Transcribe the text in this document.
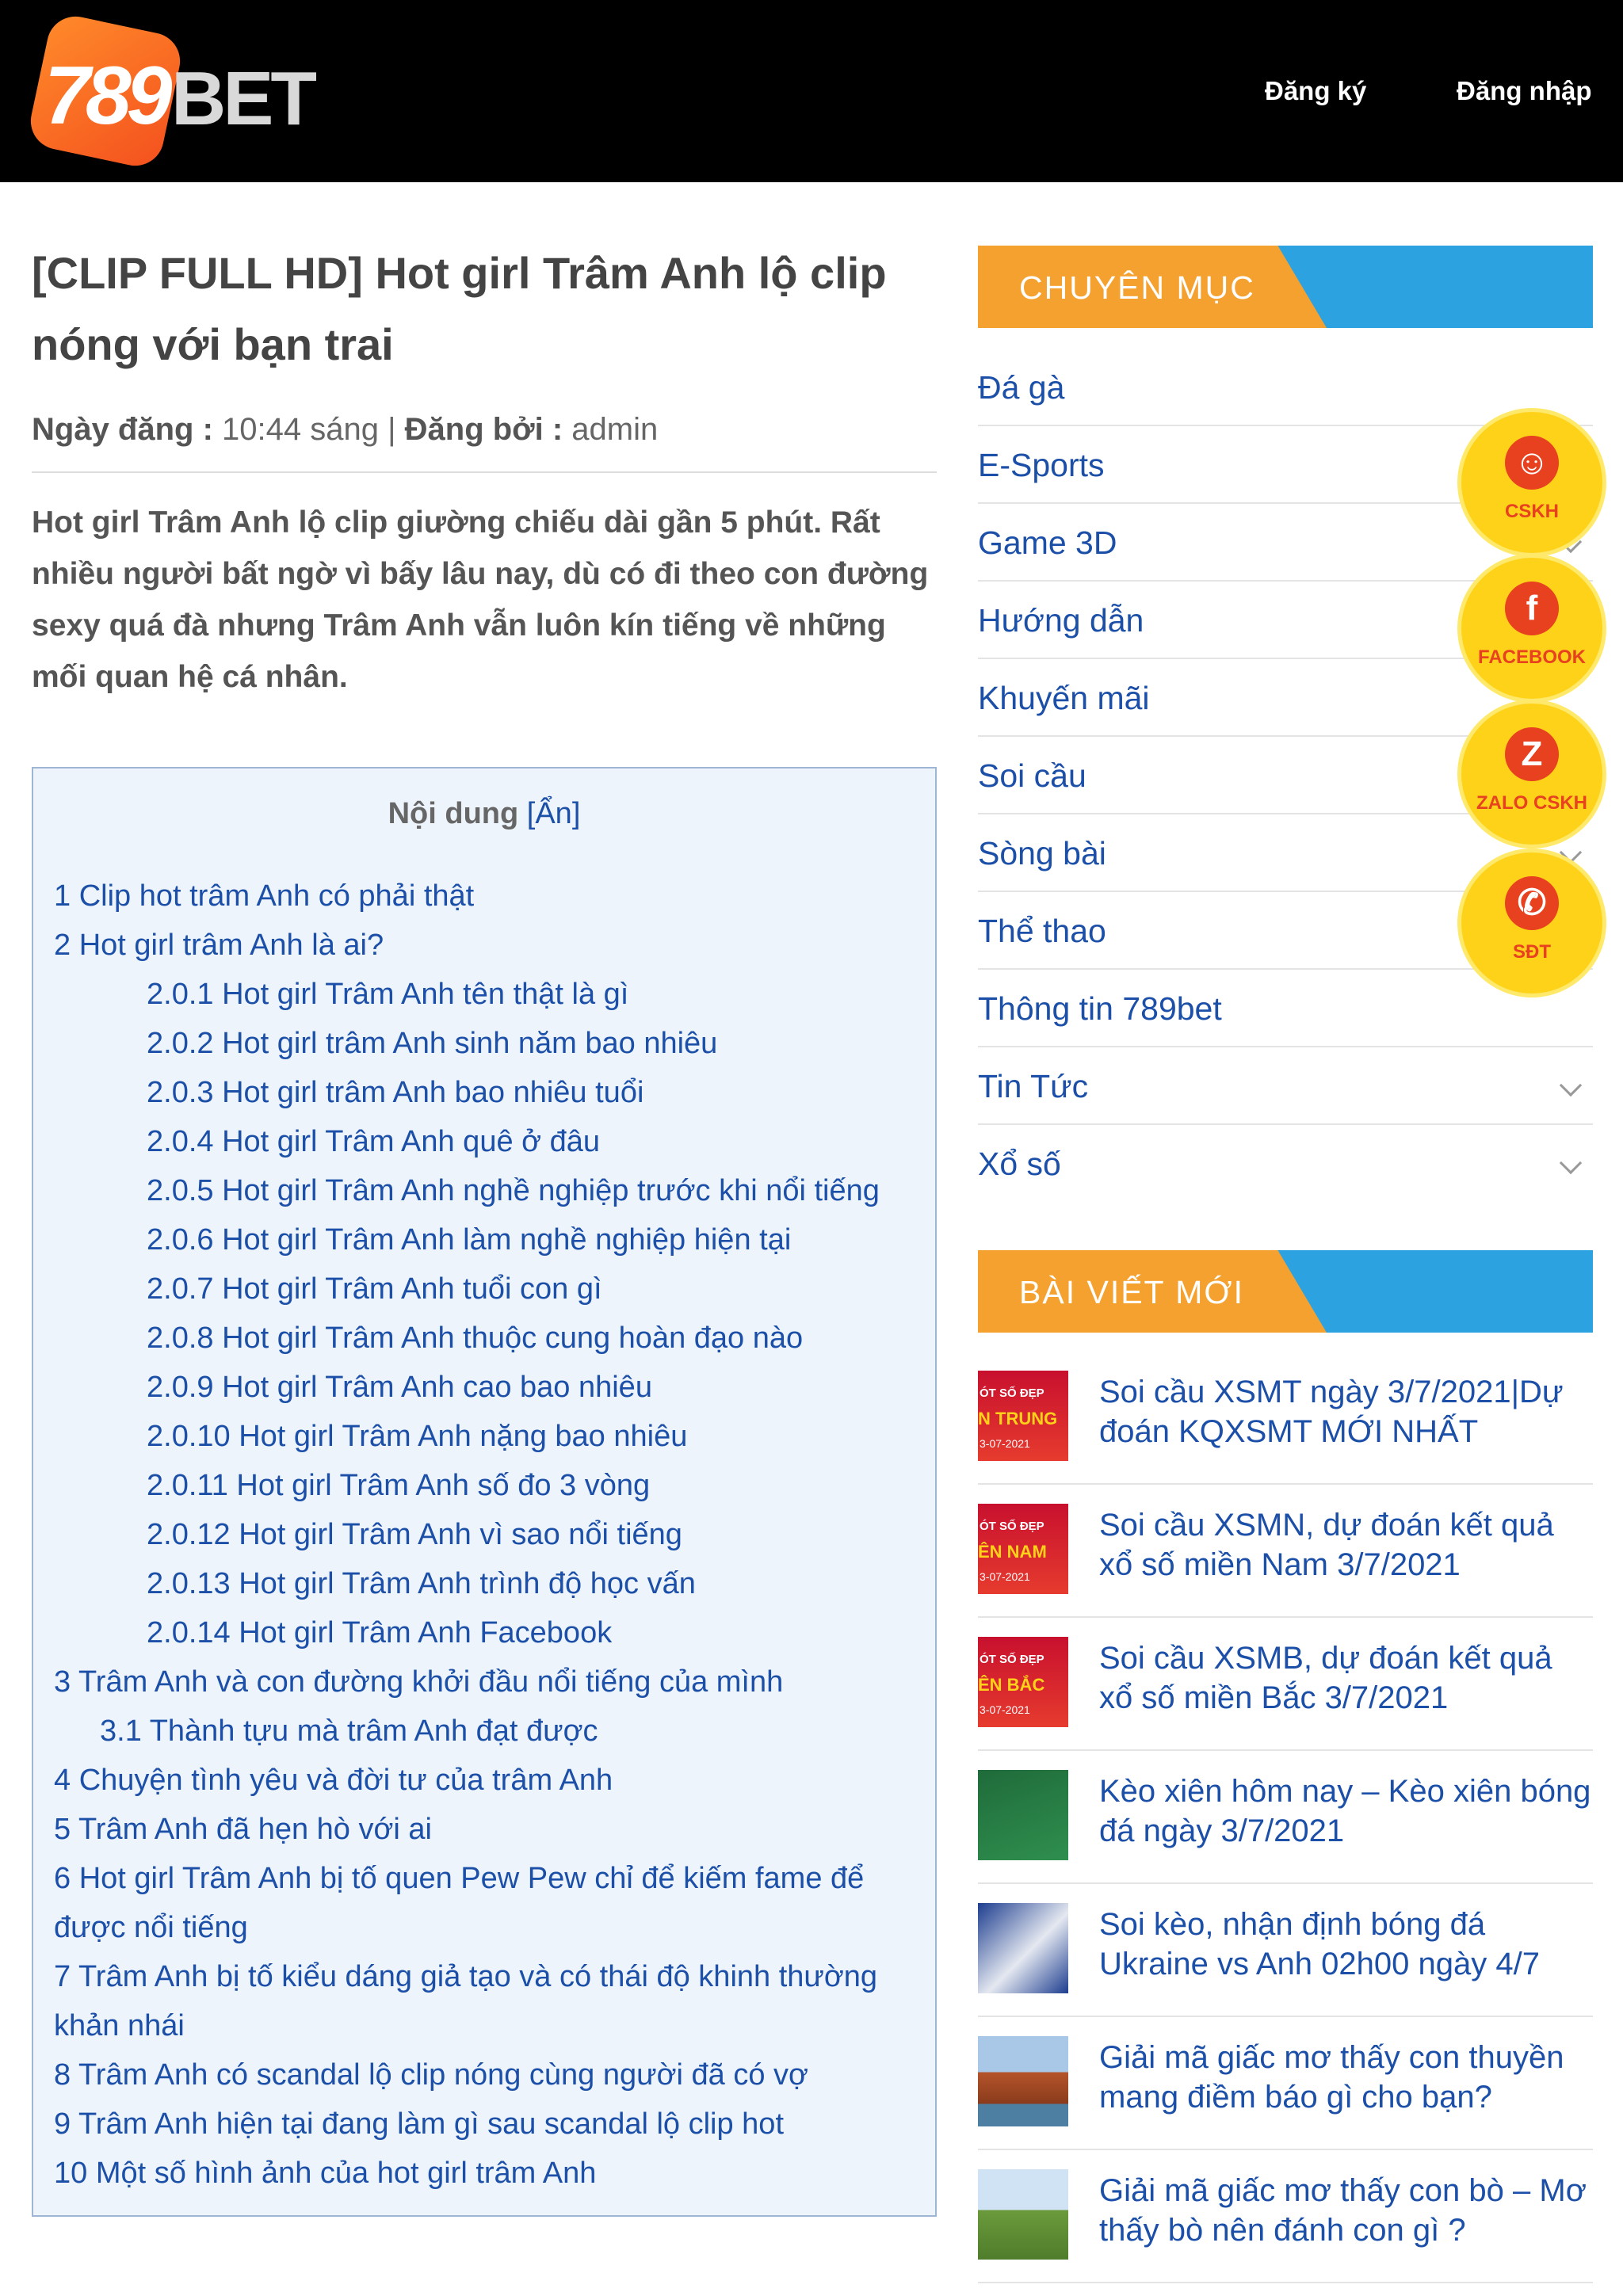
789 BET	Đăng ký	Đăng nhập
[CLIP FULL HD] Hot girl Trâm Anh lộ clip nóng với bạn trai
Ngày đăng : 10:44 sáng | Đăng bởi : admin

Hot girl Trâm Anh lộ clip giường chiếu dài gần 5 phút. Rất nhiều người bất ngờ vì bấy lâu nay, dù có đi theo con đường sexy quá đà nhưng Trâm Anh vẫn luôn kín tiếng về những mối quan hệ cá nhân.

Nội dung [Ẩn]
1 Clip hot trâm Anh có phải thật
2 Hot girl trâm Anh là ai?
2.0.1 Hot girl Trâm Anh tên thật là gì
2.0.2 Hot girl trâm Anh sinh năm bao nhiêu
2.0.3 Hot girl trâm Anh bao nhiêu tuổi
2.0.4 Hot girl Trâm Anh quê ở đâu
2.0.5 Hot girl Trâm Anh nghề nghiệp trước khi nổi tiếng
2.0.6 Hot girl Trâm Anh làm nghề nghiệp hiện tại
2.0.7 Hot girl Trâm Anh tuổi con gì
2.0.8 Hot girl Trâm Anh thuộc cung hoàn đạo nào
2.0.9 Hot girl Trâm Anh cao bao nhiêu
2.0.10 Hot girl Trâm Anh nặng bao nhiêu
2.0.11 Hot girl Trâm Anh số đo 3 vòng
2.0.12 Hot girl Trâm Anh vì sao nổi tiếng
2.0.13 Hot girl Trâm Anh trình độ học vấn
2.0.14 Hot girl Trâm Anh Facebook
3 Trâm Anh và con đường khởi đầu nổi tiếng của mình
3.1 Thành tựu mà trâm Anh đạt được
4 Chuyện tình yêu và đời tư của trâm Anh
5 Trâm Anh đã hẹn hò với ai
6 Hot girl Trâm Anh bị tố quen Pew Pew chỉ để kiếm fame để được nổi tiếng
7 Trâm Anh bị tố kiểu dáng giả tạo và có thái độ khinh thường khản nhái
8 Trâm Anh có scandal lộ clip nóng cùng người đã có vợ
9 Trâm Anh hiện tại đang làm gì sau scandal lộ clip hot
10 Một số hình ảnh của hot girl trâm Anh
CHUYÊN MỤC
Đá gà
E-Sports
Game 3D
Hướng dẫn
Khuyến mãi
Soi cầu
Sòng bài
Thể thao
Thông tin 789bet
Tin Tức
Xổ số
☺
CSKH
f
FACEBOOK
Z
ZALO CSKH
✆
SĐT
BÀI VIẾT MỚI
ÓT SỐ ĐẸP
N TRUNG
3-07-2021
Soi cầu XSMT ngày 3/7/2021|Dự đoán KQXSMT MỚI NHẤT
ÓT SỐ ĐẸP
ÊN NAM
3-07-2021
Soi cầu XSMN, dự đoán kết quả xổ số miền Nam 3/7/2021
ÓT SỐ ĐẸP
ÊN BẮC
3-07-2021
Soi cầu XSMB, dự đoán kết quả xổ số miền Bắc 3/7/2021
Kèo xiên hôm nay – Kèo xiên bóng đá ngày 3/7/2021
Soi kèo, nhận định bóng đá Ukraine vs Anh 02h00 ngày 4/7
Giải mã giấc mơ thấy con thuyền mang điềm báo gì cho bạn?
Giải mã giấc mơ thấy con bò – Mơ thấy bò nên đánh con gì ?
